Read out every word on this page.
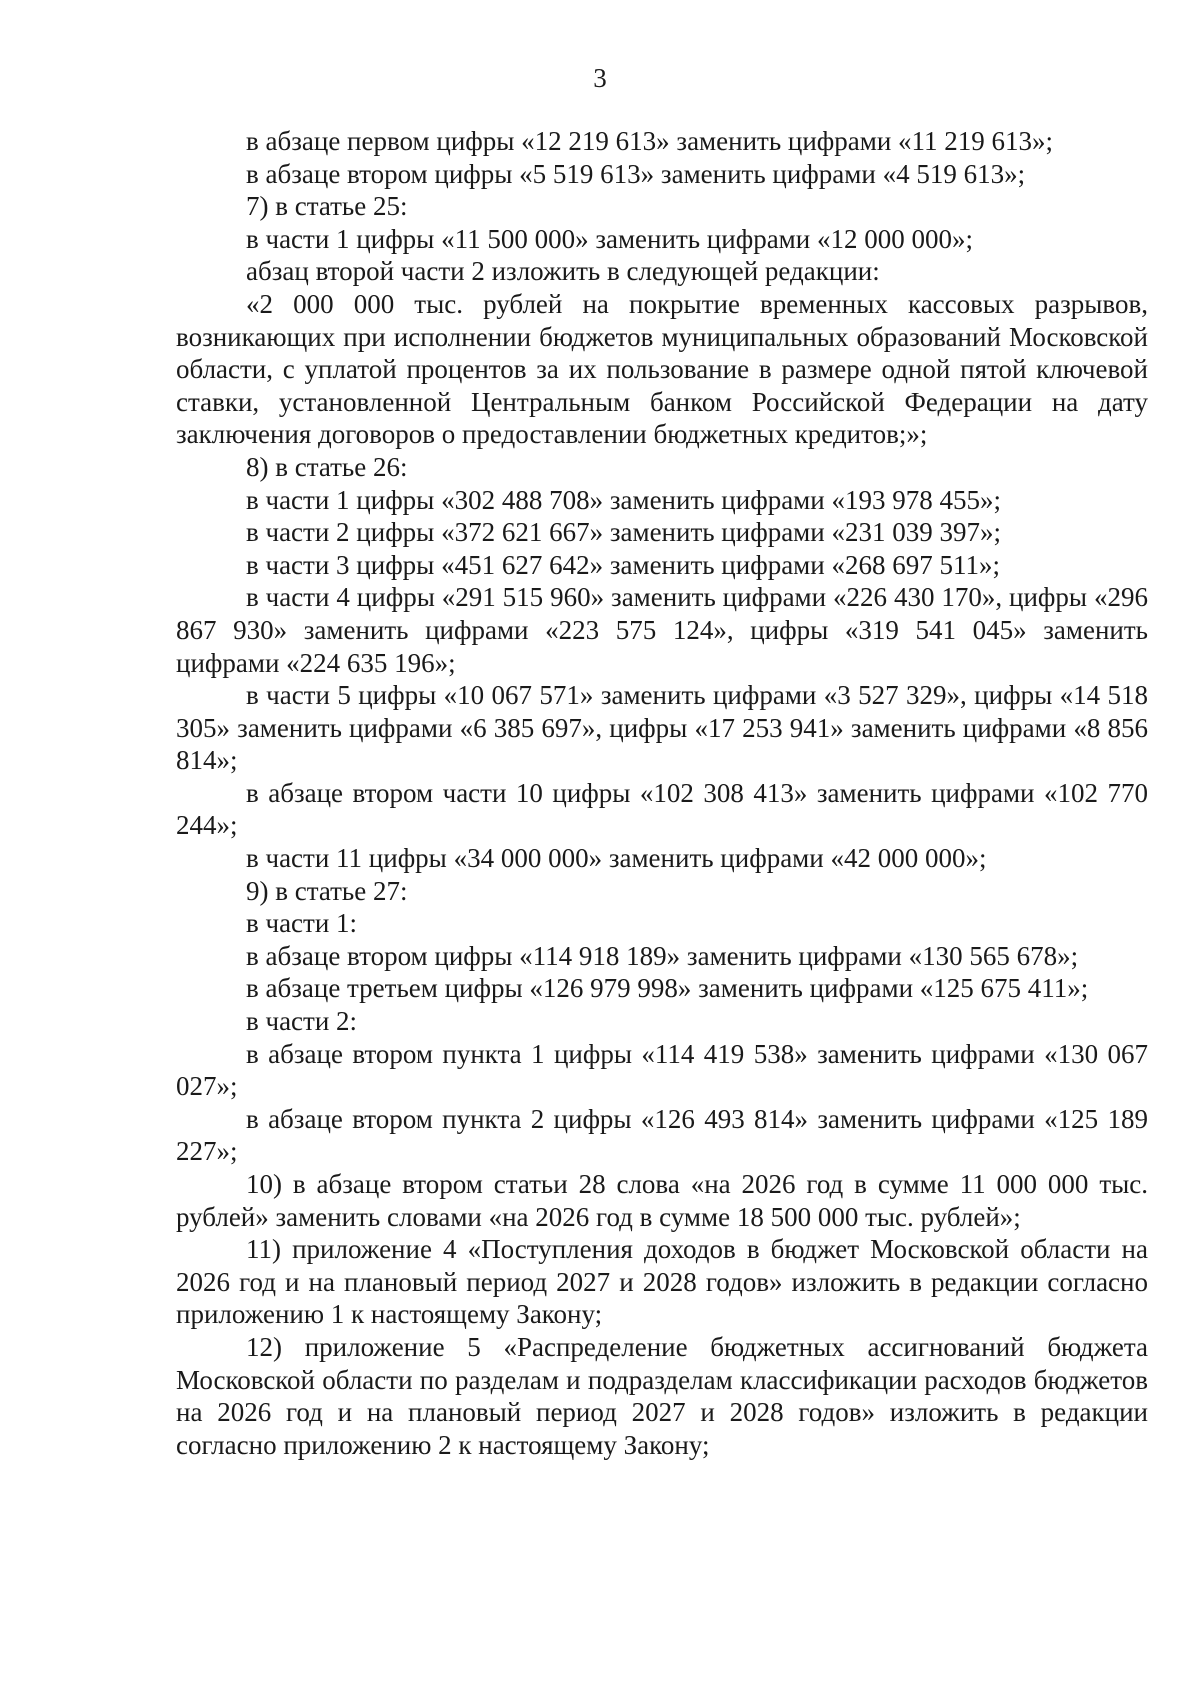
3

в абзаце первом цифры «12 219 613» заменить цифрами «11 219 613»;

в абзаце втором цифры «5 519 613» заменить цифрами «4 519 613»;

7) в статье 25:

в части 1 цифры «11 500 000» заменить цифрами «12 000 000»;

абзац второй части 2 изложить в следующей редакции:

«2 000 000 тыс. рублей на покрытие временных кассовых разрывов, возникающих при исполнении бюджетов муниципальных образований Московской области, с уплатой процентов за их пользование в размере одной пятой ключевой ставки, установленной Центральным банком Российской Федерации на дату заключения договоров о предоставлении бюджетных кредитов;»;

8) в статье 26:

в части 1 цифры «302 488 708» заменить цифрами «193 978 455»;

в части 2 цифры «372 621 667» заменить цифрами «231 039 397»;

в части 3 цифры «451 627 642» заменить цифрами «268 697 511»;

в части 4 цифры «291 515 960» заменить цифрами «226 430 170», цифры «296 867 930» заменить цифрами «223 575 124», цифры «319 541 045» заменить цифрами «224 635 196»;

в части 5 цифры «10 067 571» заменить цифрами «3 527 329», цифры «14 518 305» заменить цифрами «6 385 697», цифры «17 253 941» заменить цифрами «8 856 814»;

в абзаце втором части 10 цифры «102 308 413» заменить цифрами «102 770 244»;

в части 11 цифры «34 000 000» заменить цифрами «42 000 000»;

9) в статье 27:

в части 1:

в абзаце втором цифры «114 918 189» заменить цифрами «130 565 678»;

в абзаце третьем цифры «126 979 998» заменить цифрами «125 675 411»;

в части 2:

в абзаце втором пункта 1 цифры «114 419 538» заменить цифрами «130 067 027»;

в абзаце втором пункта 2 цифры «126 493 814» заменить цифрами «125 189 227»;

10) в абзаце втором статьи 28 слова «на 2026 год в сумме 11 000 000 тыс. рублей» заменить словами «на 2026 год в сумме 18 500 000 тыс. рублей»;

11) приложение 4 «Поступления доходов в бюджет Московской области на 2026 год и на плановый период 2027 и 2028 годов» изложить в редакции согласно приложению 1 к настоящему Закону;

12) приложение 5 «Распределение бюджетных ассигнований бюджета Московской области по разделам и подразделам классификации расходов бюджетов на 2026 год и на плановый период 2027 и 2028 годов» изложить в редакции согласно приложению 2 к настоящему Закону;
